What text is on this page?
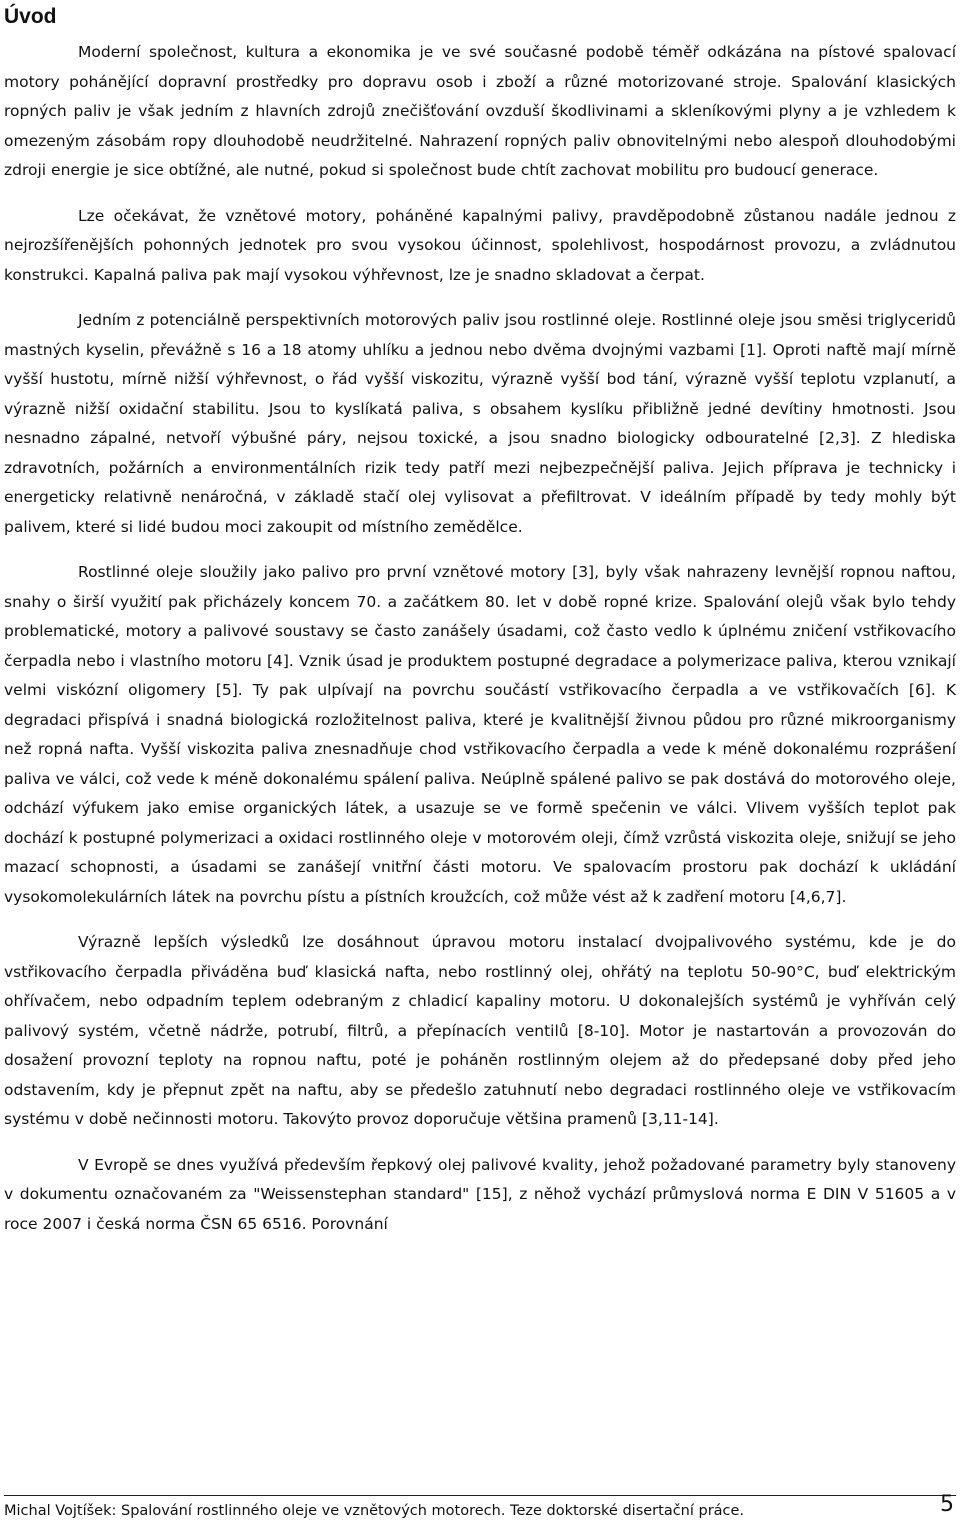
Úvod

Moderní společnost, kultura a ekonomika je ve své současné podobě téměř odkázána na pístové spalovací motory pohánějící dopravní prostředky pro dopravu osob i zboží a různé motorizované stroje. Spalování klasických ropných paliv je však jedním z hlavních zdrojů znečišťování ovzduší škodlivinami a skleníkovými plyny a je vzhledem k omezeným zásobám ropy dlouhodobě neudržitelné. Nahrazení ropných paliv obnovitelnými nebo alespoň dlouhodobými zdroji energie je sice obtížné, ale nutné, pokud si společnost bude chtít zachovat mobilitu pro budoucí generace.

Lze očekávat, že vznětové motory, poháněné kapalnými palivy, pravděpodobně zůstanou nadále jednou z nejrozšířenějších pohonných jednotek pro svou vysokou účinnost, spolehlivost, hospodárnost provozu, a zvládnutou konstrukci. Kapalná paliva pak mají vysokou výhřevnost, lze je snadno skladovat a čerpat.

Jedním z potenciálně perspektivních motorových paliv jsou rostlinné oleje. Rostlinné oleje jsou směsi triglyceridů mastných kyselin, převážně s 16 a 18 atomy uhlíku a jednou nebo dvěma dvojnými vazbami [1]. Oproti naftě mají mírně vyšší hustotu, mírně nižší výhřevnost, o řád vyšší viskozitu, výrazně vyšší bod tání, výrazně vyšší teplotu vzplanutí, a výrazně nižší oxidační stabilitu. Jsou to kyslíkatá paliva, s obsahem kyslíku přibližně jedné devítiny hmotnosti. Jsou nesnadno zápalné, netvoří výbušné páry, nejsou toxické, a jsou snadno biologicky odbouratelné [2,3]. Z hlediska zdravotních, požárních a environmentálních rizik tedy patří mezi nejbezpečnější paliva. Jejich příprava je technicky i energeticky relativně nenáročná, v základě stačí olej vylisovat a přefiltrovat. V ideálním případě by tedy mohly být palivem, které si lidé budou moci zakoupit od místního zemědělce.

Rostlinné oleje sloužily jako palivo pro první vznětové motory [3], byly však nahrazeny levnější ropnou naftou, snahy o širší využití pak přicházely koncem 70. a začátkem 80. let v době ropné krize. Spalování olejů však bylo tehdy problematické, motory a palivové soustavy se často zanášely úsadami, což často vedlo k úplnému zničení vstřikovacího čerpadla nebo i vlastního motoru [4]. Vznik úsad je produktem postupné degradace a polymerizace paliva, kterou vznikají velmi viskózní oligomery [5]. Ty pak ulpívají na povrchu součástí vstřikovacího čerpadla a ve vstřikovačích [6]. K degradaci přispívá i snadná biologická rozložitelnost paliva, které je kvalitnější živnou půdou pro různé mikroorganismy než ropná nafta. Vyšší viskozita paliva znesnadňuje chod vstřikovacího čerpadla a vede k méně dokonalému rozprášení paliva ve válci, což vede k méně dokonalému spálení paliva. Neúplně spálené palivo se pak dostává do motorového oleje, odchází výfukem jako emise organických látek, a usazuje se ve formě spečenin ve válci. Vlivem vyšších teplot pak dochází k postupné polymerizaci a oxidaci rostlinného oleje v motorovém oleji, čímž vzrůstá viskozita oleje, snižují se jeho mazací schopnosti, a úsadami se zanášejí vnitřní části motoru. Ve spalovacím prostoru pak dochází k ukládání vysokomolekulárních látek na povrchu pístu a pístních kroužcích, což může vést až k zadření motoru [4,6,7].

Výrazně lepších výsledků lze dosáhnout úpravou motoru instalací dvojpalivového systému, kde je do vstřikovacího čerpadla přiváděna buď klasická nafta, nebo rostlinný olej, ohřátý na teplotu 50-90°C, buď elektrickým ohřívačem, nebo odpadním teplem odebraným z chladicí kapaliny motoru. U dokonalejších systémů je vyhříván celý palivový systém, včetně nádrže, potrubí, filtrů, a přepínacích ventilů [8-10]. Motor je nastartován a provozován do dosažení provozní teploty na ropnou naftu, poté je poháněn rostlinným olejem až do předepsané doby před jeho odstavením, kdy je přepnut zpět na naftu, aby se předešlo zatuhnutí nebo degradaci rostlinného oleje ve vstřikovacím systému v době nečinnosti motoru. Takovýto provoz doporučuje většina pramenů [3,11-14].

V Evropě se dnes využívá především řepkový olej palivové kvality, jehož požadované parametry byly stanoveny v dokumentu označovaném za "Weissenstephan standard" [15], z něhož vychází průmyslová norma E DIN V 51605 a v roce 2007 i česká norma ČSN 65 6516. Porovnání

Michal Vojtíšek: Spalování rostlinného oleje ve vznětových motorech. Teze doktorské disertační práce.	5
